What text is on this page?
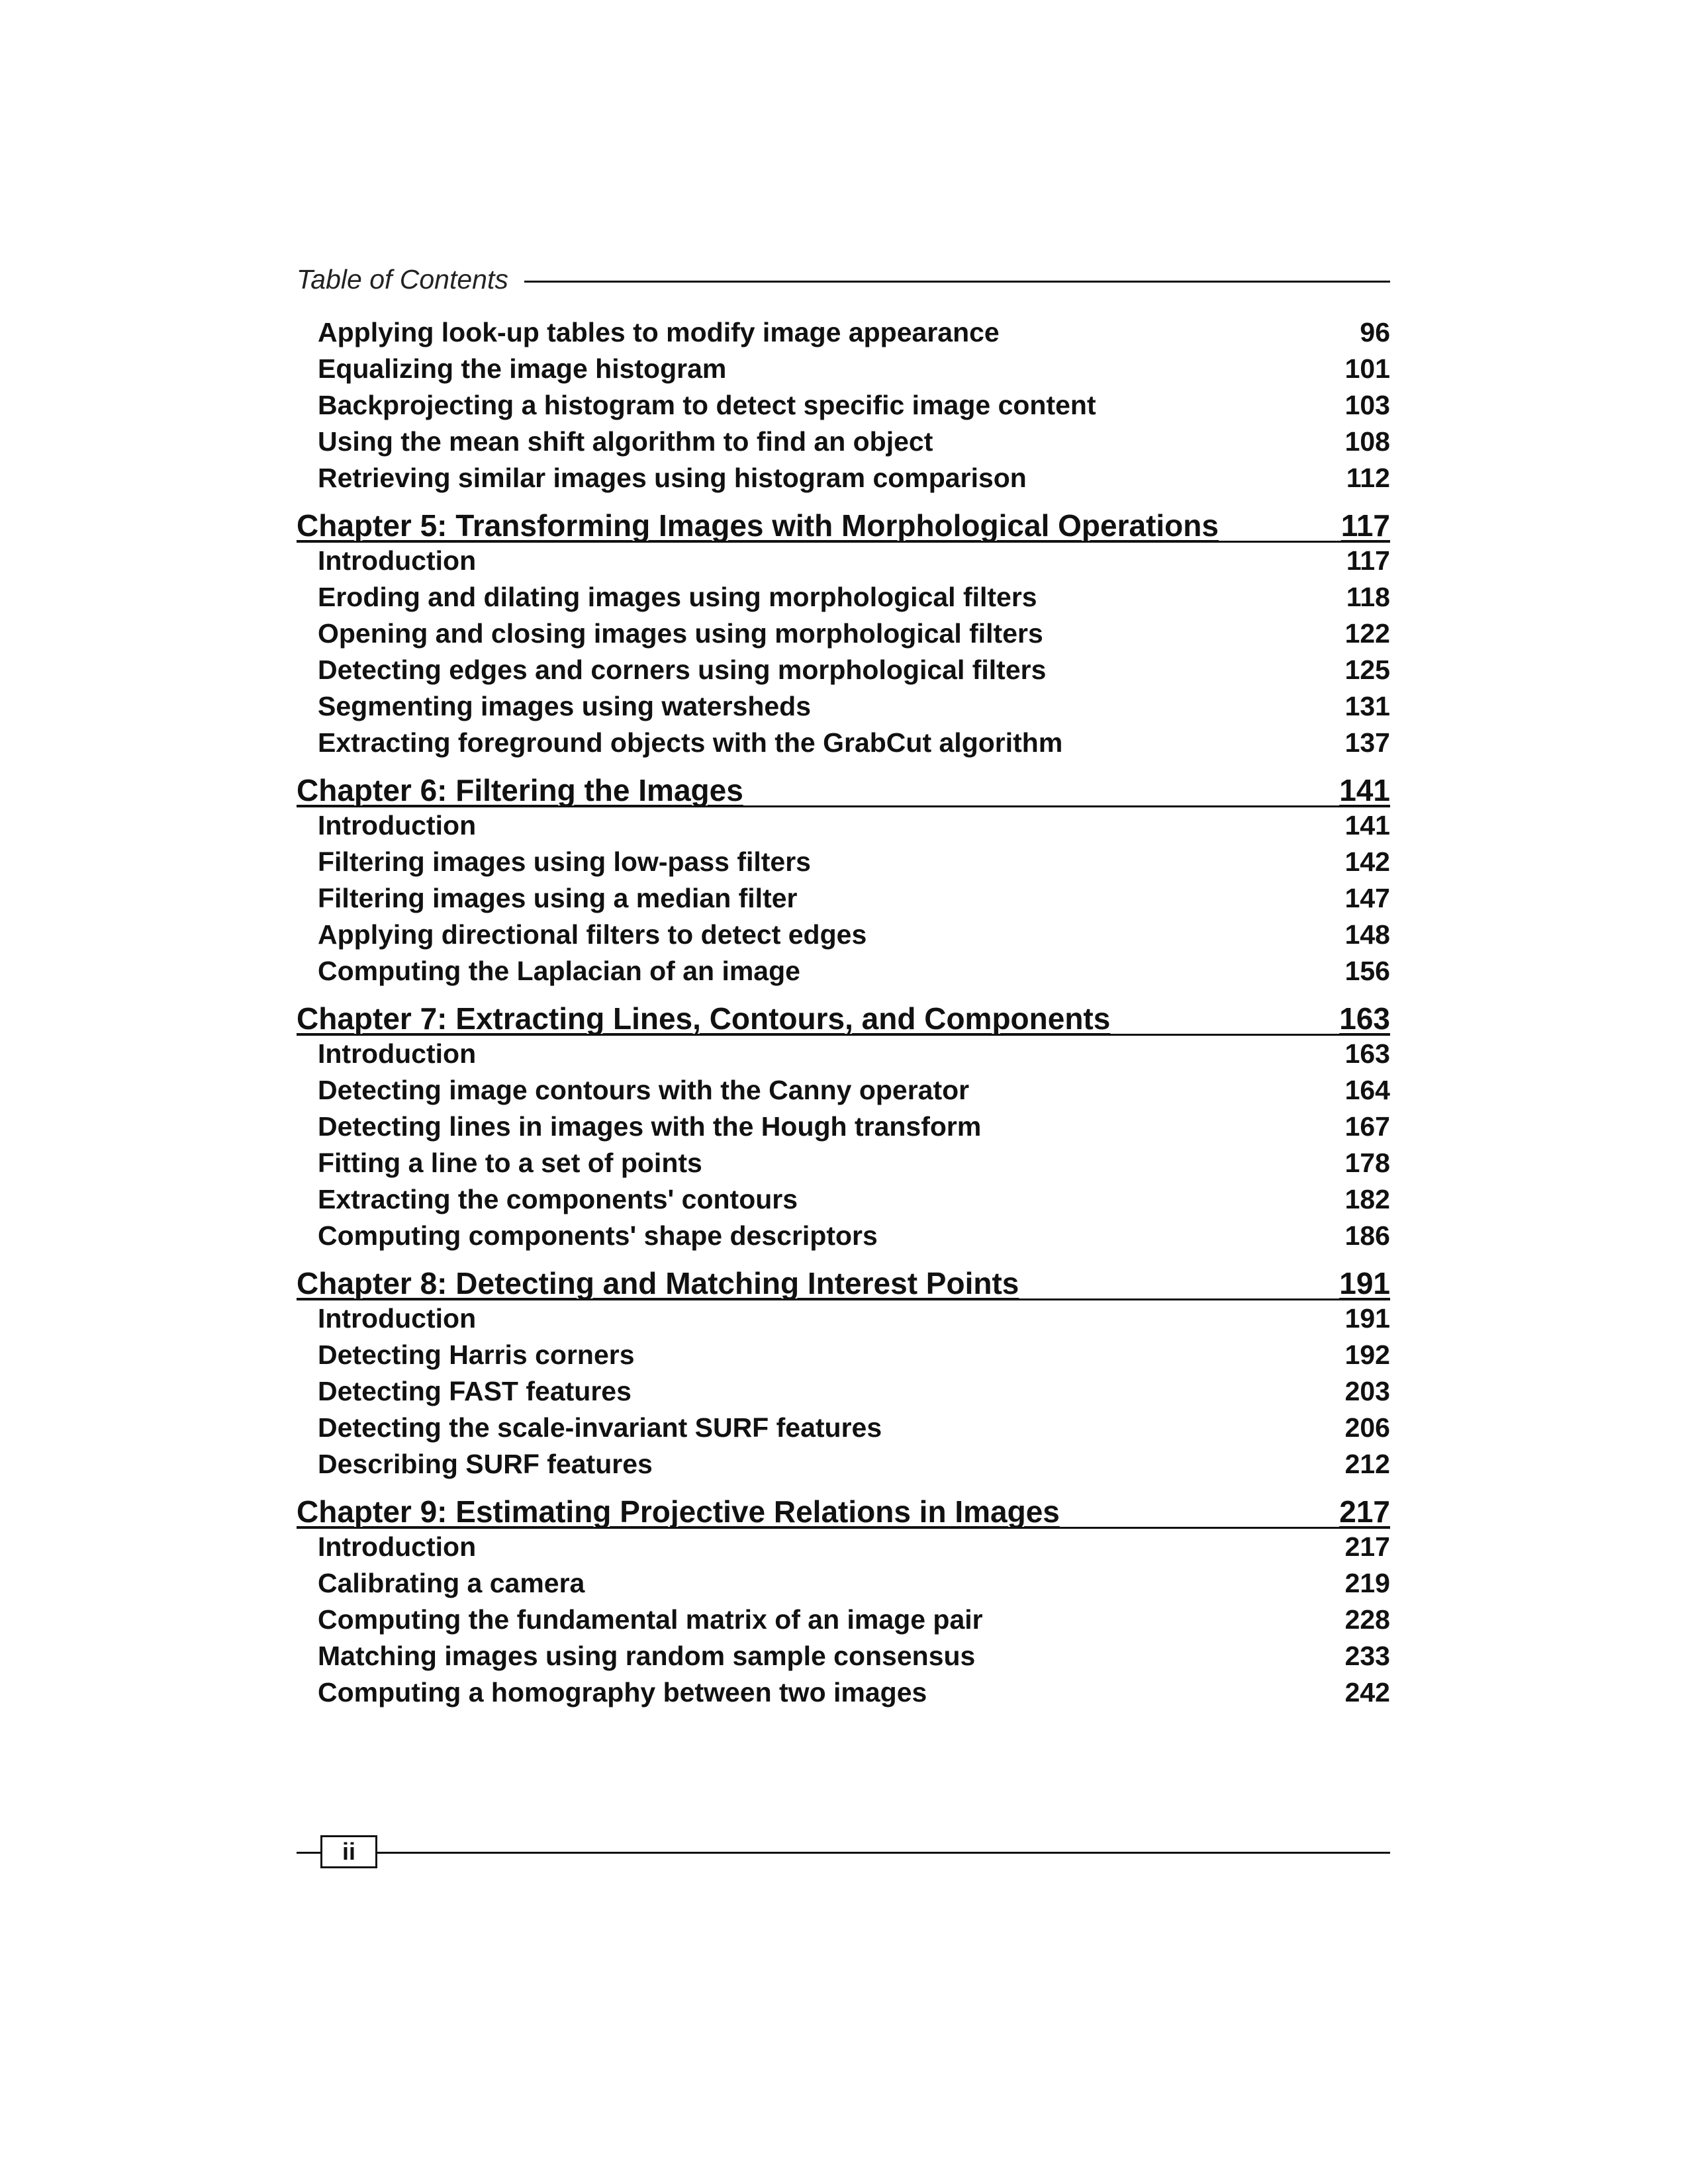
Table of Contents
Applying look-up tables to modify image appearance	96
Equalizing the image histogram	101
Backprojecting a histogram to detect specific image content	103
Using the mean shift algorithm to find an object	108
Retrieving similar images using histogram comparison	112
Chapter 5: Transforming Images with Morphological Operations	117
Introduction	117
Eroding and dilating images using morphological filters	118
Opening and closing images using morphological filters	122
Detecting edges and corners using morphological filters	125
Segmenting images using watersheds	131
Extracting foreground objects with the GrabCut algorithm	137
Chapter 6: Filtering the Images	141
Introduction	141
Filtering images using low-pass filters	142
Filtering images using a median filter	147
Applying directional filters to detect edges	148
Computing the Laplacian of an image	156
Chapter 7: Extracting Lines, Contours, and Components	163
Introduction	163
Detecting image contours with the Canny operator	164
Detecting lines in images with the Hough transform	167
Fitting a line to a set of points	178
Extracting the components' contours	182
Computing components' shape descriptors	186
Chapter 8: Detecting and Matching Interest Points	191
Introduction	191
Detecting Harris corners	192
Detecting FAST features	203
Detecting the scale-invariant SURF features	206
Describing SURF features	212
Chapter 9: Estimating Projective Relations in Images	217
Introduction	217
Calibrating a camera	219
Computing the fundamental matrix of an image pair	228
Matching images using random sample consensus	233
Computing a homography between two images	242
ii
